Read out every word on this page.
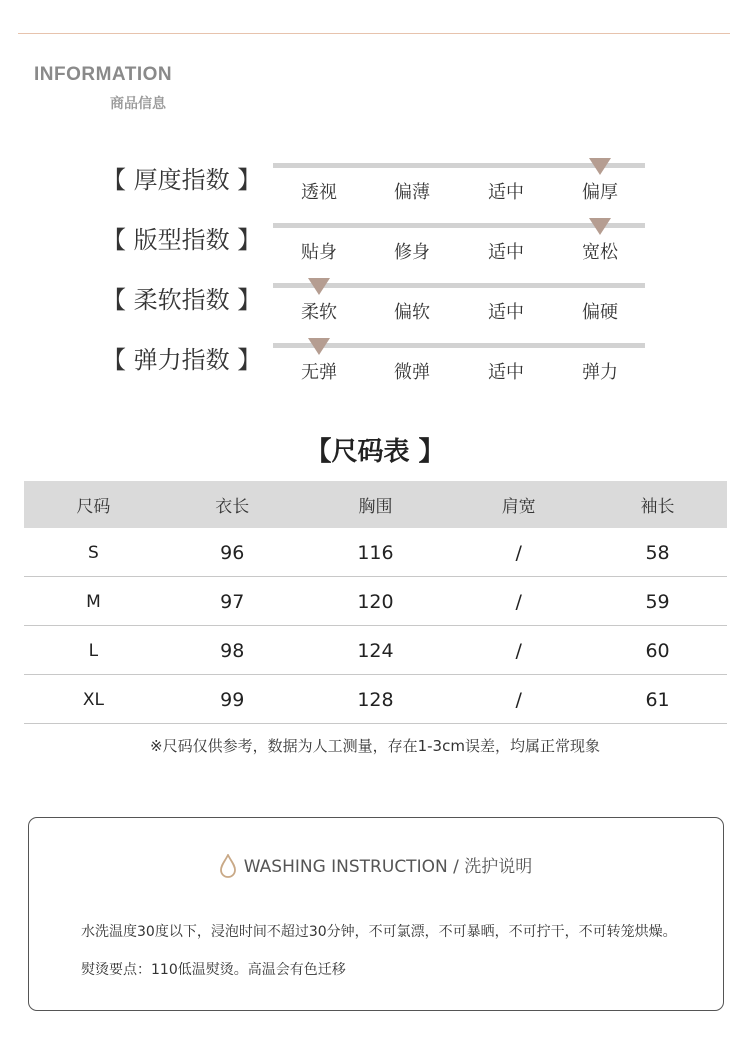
INFORMATION
商品信息
【 厚度指数 】	透视	偏薄	适中	偏厚
【 版型指数 】	贴身	修身	适中	宽松
【 柔软指数 】	柔软	偏软	适中	偏硬
【 弹力指数 】	无弹	微弹	适中	弹力
【尺码表 】
尺码	衣长	胸围	肩宽	袖长
S	96	116	/	58
M	97	120	/	59
L	98	124	/	60
XL	99	128	/	61
※尺码仅供参考，数据为人工测量，存在1-3cm误差，均属正常现象
WASHING INSTRUCTION / 洗护说明
水洗温度30度以下，浸泡时间不超过30分钟，不可氯漂，不可暴晒，不可拧干，不可转笼烘燥。
熨烫要点：110低温熨烫。高温会有色迁移
